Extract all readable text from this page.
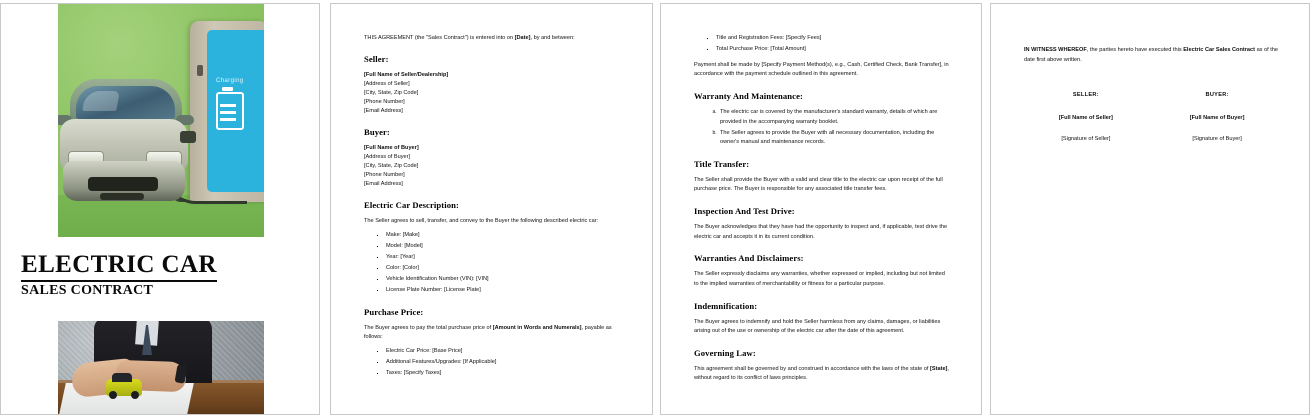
Charging
ELECTRIC CAR
SALES CONTRACT

THIS AGREEMENT (the "Sales Contract") is entered into on [Date], by and between:

Seller:

[Full Name of Seller/Dealership]

[Address of Seller]

[City, State, Zip Code]

[Phone Number]

[Email Address]

Buyer:

[Full Name of Buyer]

[Address of Buyer]

[City, State, Zip Code]

[Phone Number]

[Email Address]

Electric Car Description:

The Seller agrees to sell, transfer, and convey to the Buyer the following described electric car:

▪ Make: [Make]
▪ Model: [Model]
▪ Year: [Year]
▪ Color: [Color]
▪ Vehicle Identification Number (VIN): [VIN]
▪ License Plate Number: [License Plate]
Purchase Price:

The Buyer agrees to pay the total purchase price of [Amount in Words and Numerals], payable as follows:

▪ Electric Car Price: [Base Price]
▪ Additional Features/Upgrades: [If Applicable]
▪ Taxes: [Specify Taxes]
▪ Title and Registration Fees: [Specify Fees]
▪ Total Purchase Price: [Total Amount]

Payment shall be made by [Specify Payment Method(s), e.g., Cash, Certified Check, Bank Transfer], in accordance with the payment schedule outlined in this agreement.

Warranty And Maintenance:
a. The electric car is covered by the manufacturer's standard warranty, details of which are provided in the accompanying warranty booklet.
b. The Seller agrees to provide the Buyer with all necessary documentation, including the owner's manual and maintenance records.
Title Transfer:

The Seller shall provide the Buyer with a valid and clear title to the electric car upon receipt of the full purchase price. The Buyer is responsible for any associated title transfer fees.

Inspection And Test Drive:

The Buyer acknowledges that they have had the opportunity to inspect and, if applicable, test drive the electric car and accepts it in its current condition.

Warranties And Disclaimers:

The Seller expressly disclaims any warranties, whether expressed or implied, including but not limited to the implied warranties of merchantability or fitness for a particular purpose.

Indemnification:

The Buyer agrees to indemnify and hold the Seller harmless from any claims, damages, or liabilities arising out of the use or ownership of the electric car after the date of this agreement.

Governing Law:

This agreement shall be governed by and construed in accordance with the laws of the state of [State], without regard to its conflict of laws principles.

IN WITNESS WHEREOF, the parties hereto have executed this Electric Car Sales Contract as of the date first above written.

SELLER:

[Full Name of Seller]

[Signature of Seller]

BUYER:

[Full Name of Buyer]

[Signature of Buyer]
